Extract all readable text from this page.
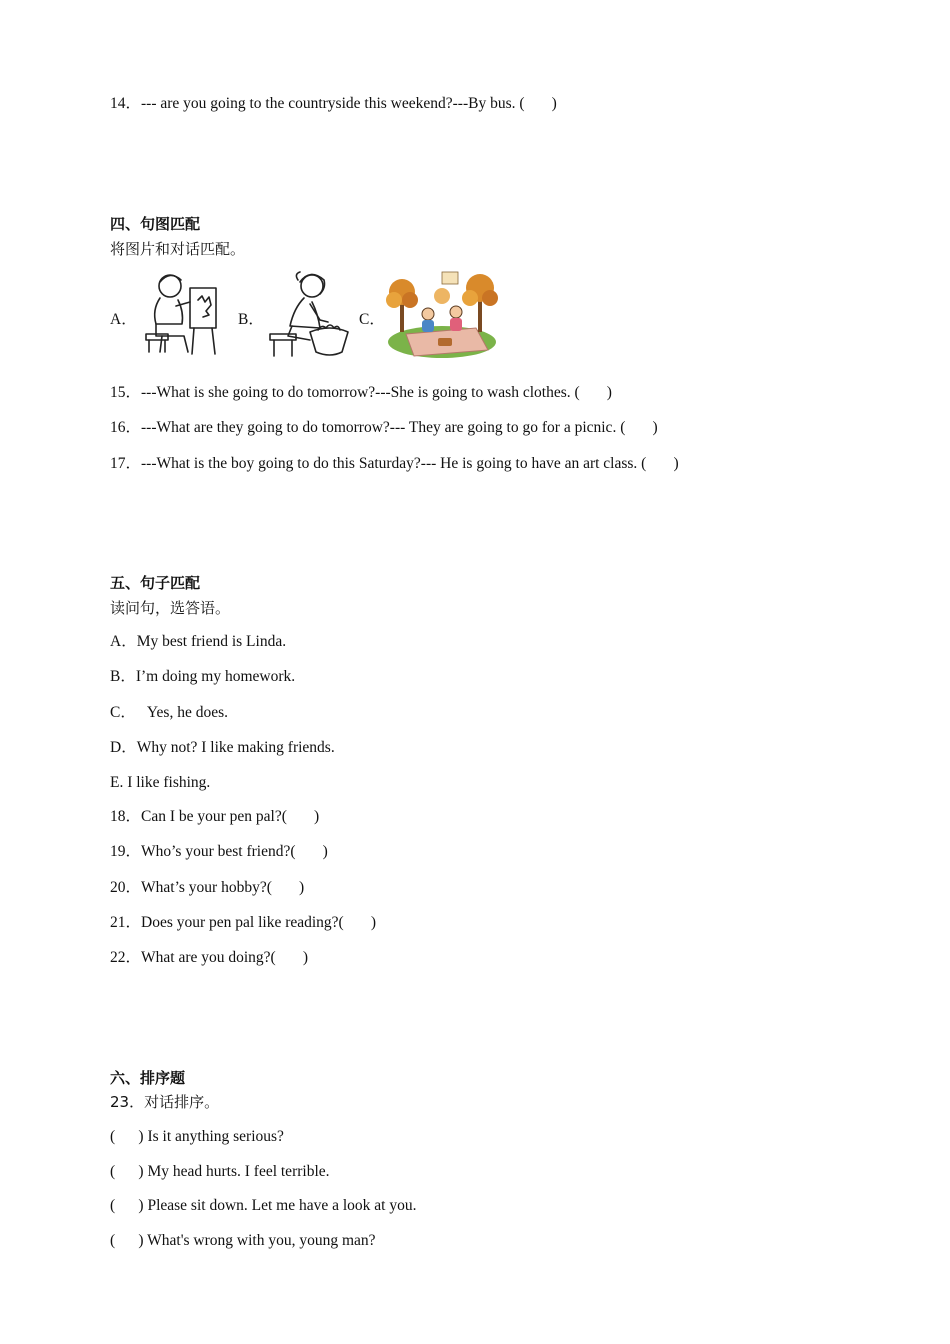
14．--- are you going to the countryside this weekend?---By bus. (       )
四、句图匹配
将图片和对话匹配。
A．	B．	C．
15．---What is she going to do tomorrow?---She is going to wash clothes. (       )
16．---What are they going to do tomorrow?--- They are going to go for a picnic. (       )
17．---What is the boy going to do this Saturday?--- He is going to have an art class. (       )
五、句子匹配
读问句，选答语。
A．My best friend is Linda.
B．I’m doing my homework.
C．   Yes, he does.
D．Why not? I like making friends.
E. I like fishing.
18．Can I be your pen pal?(       )
19．Who’s your best friend?(       )
20．What’s your hobby?(       )
21．Does your pen pal like reading?(       )
22．What are you doing?(       )
六、排序题
23．对话排序。
(      ) Is it anything serious?
(      ) My head hurts. I feel terrible.
(      ) Please sit down. Let me have a look at you.
(      ) What's wrong with you, young man?
